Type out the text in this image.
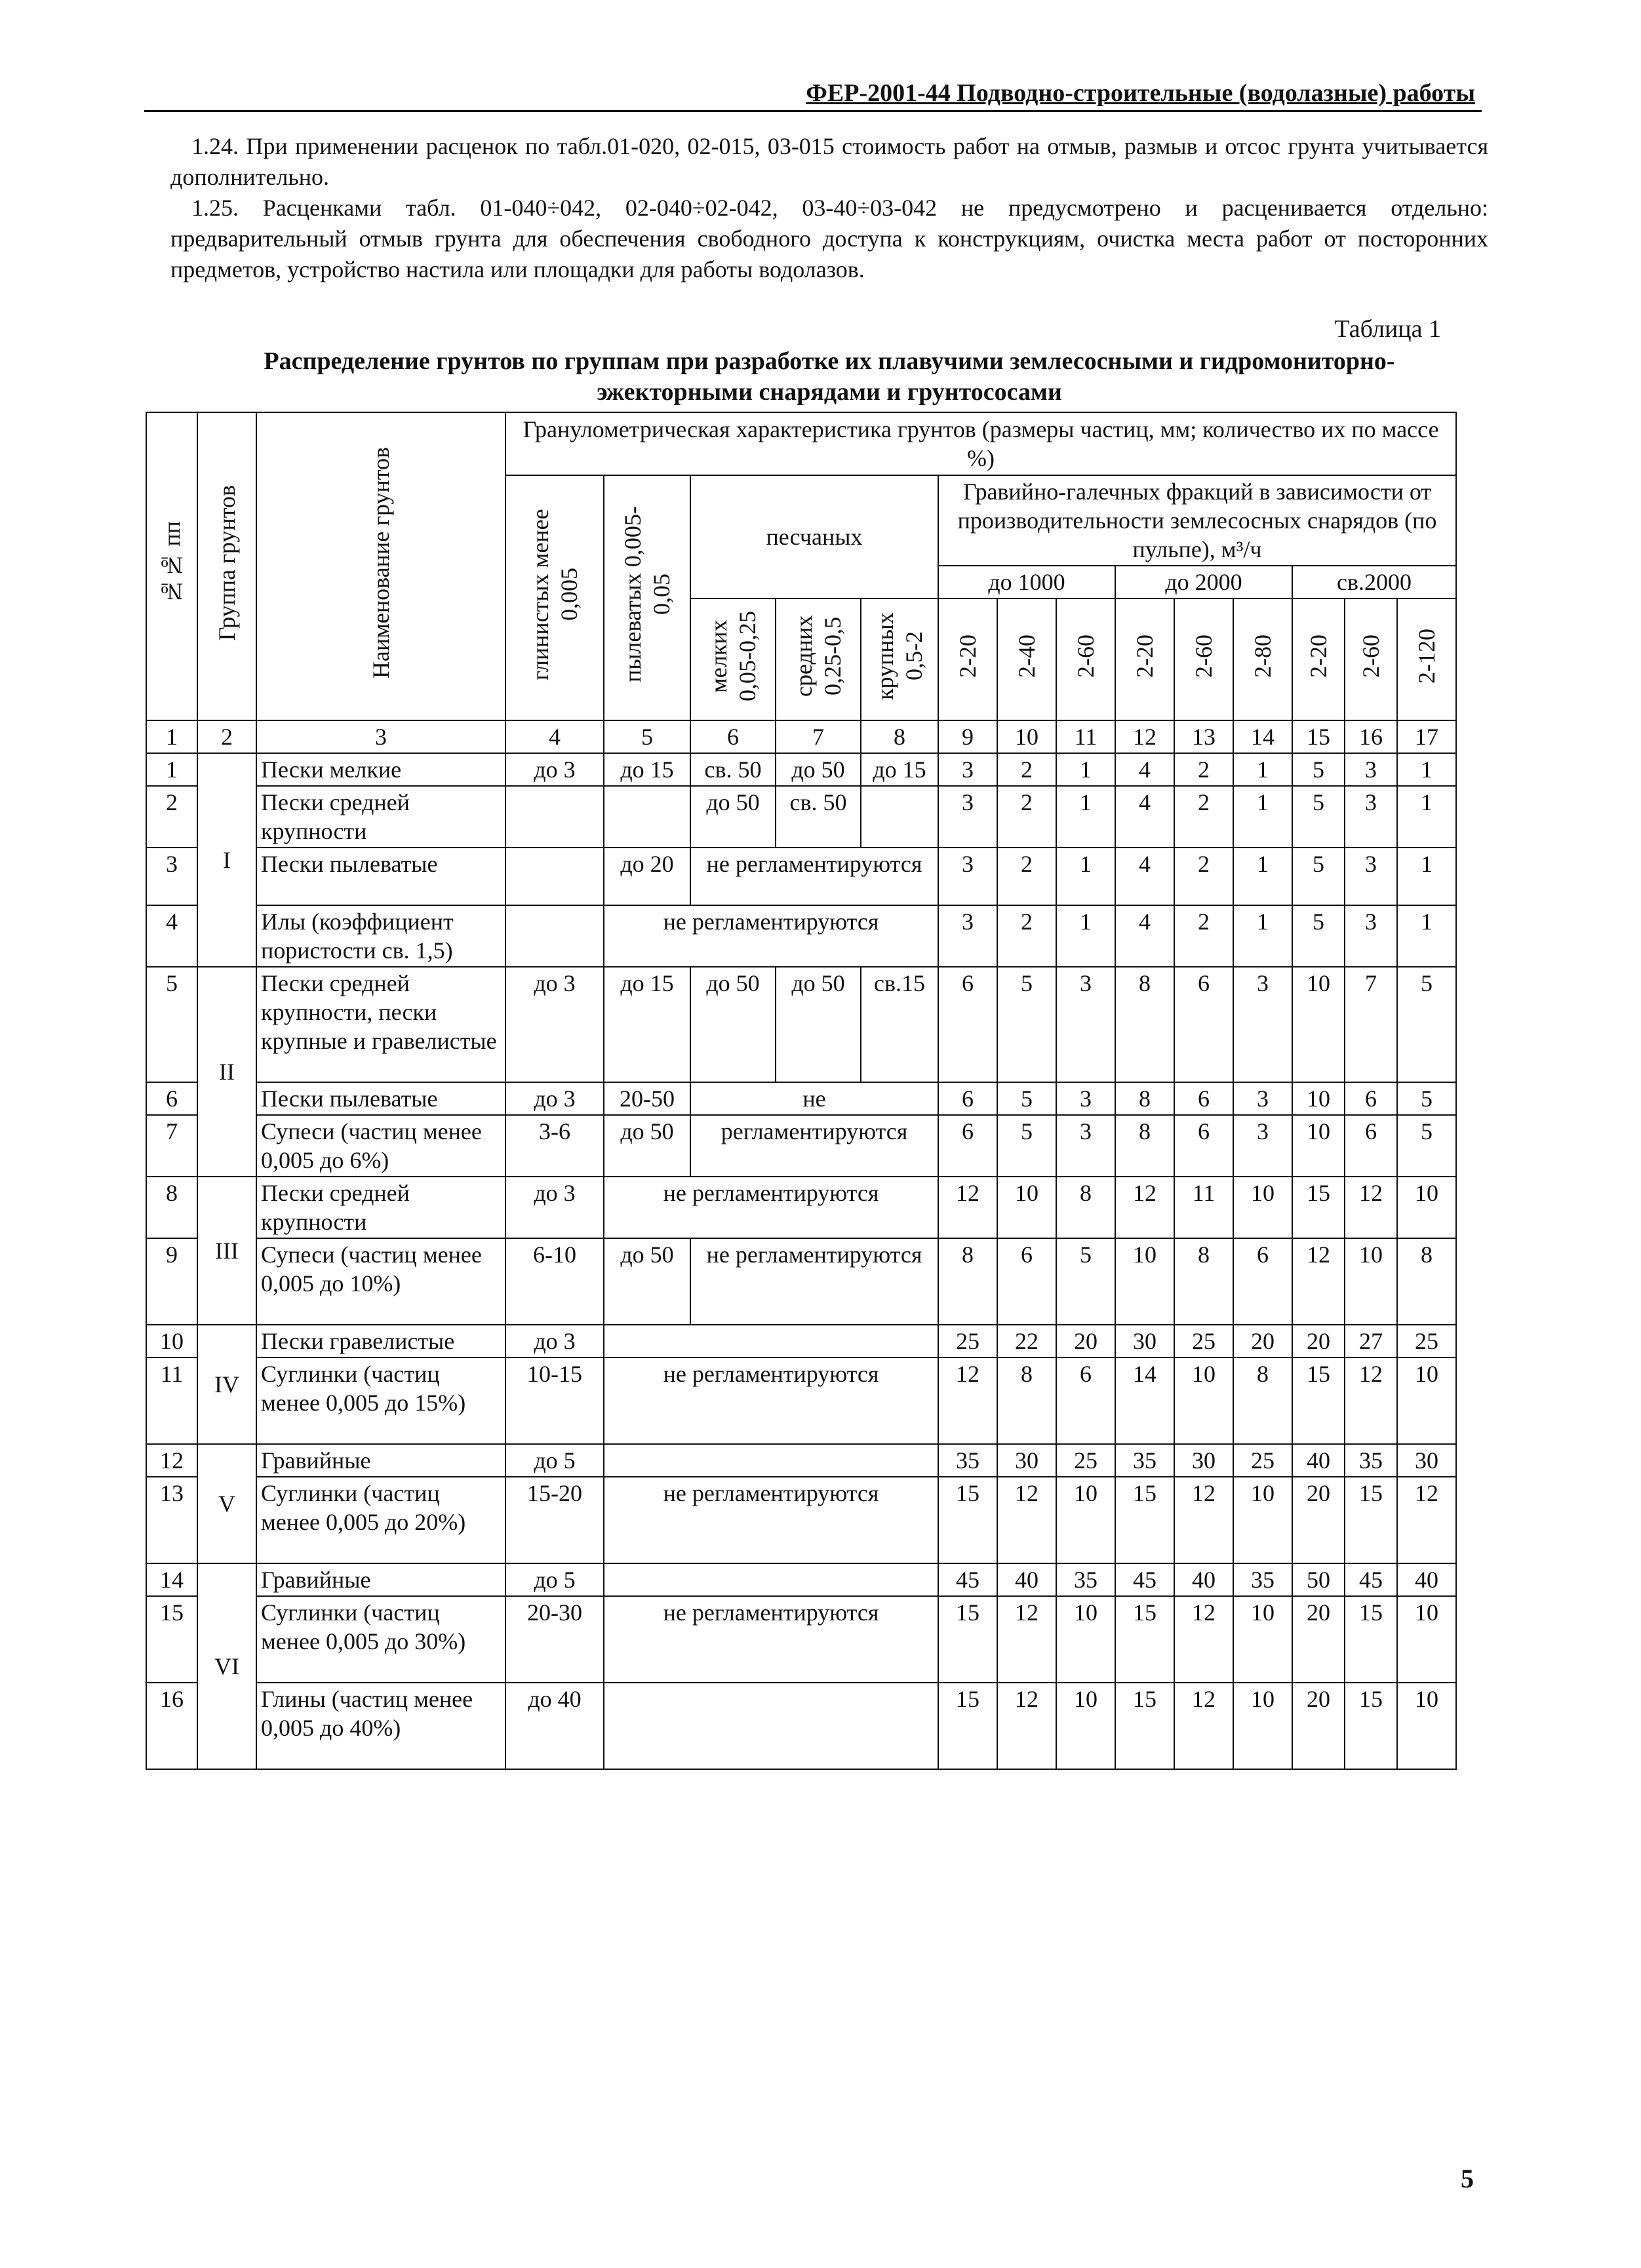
ФЕР-2001-44 Подводно-строительные (водолазные) работы
1.24. При применении расценок по табл.01-020, 02-015, 03-015 стоимость работ на отмыв, размыв и отсос грунта учитывается дополнительно.
1.25. Расценками табл. 01-040÷042, 02-040÷02-042, 03-40÷03-042 не предусмотрено и расценивается отдельно: предварительный отмыв грунта для обеспечения свободного доступа к конструкциям, очистка места работ от посторонних предметов, устройство настила или площадки для работы водолазов.
Таблица 1
Распределение грунтов по группам при разработке их плавучими землесосными и гидромониторно-эжекторными снарядами и грунтососами
№№ пп	Группа грунтов	Наименование грунтов	Гранулометрическая характеристика грунтов (размеры частиц, мм; количество их по массе %)													
			глинистых менее 0,005	пылеватых 0,005-0,05	песчаных			Гравийно-галечных фракций в зависимости от производительности землесосных снарядов (по пульпе), м³/ч								
								до 1000			до 2000			св.2000		
					мелких 0,05-0,25	средних 0,25-0,5	крупных 0,5-2	2-20	2-40	2-60	2-20	2-60	2-80	2-20	2-60	2-120
1	2	3	4	5	6	7	8	9	10	11	12	13	14	15	16	17
1	I	Пески мелкие	до 3	до 15	св. 50	до 50	до 15	3	2	1	4	2	1	5	3	1
2		Пески средней крупности			до 50	св. 50		3	2	1	4	2	1	5	3	1
3		Пески пылеватые		до 20	не регламентируются			3	2	1	4	2	1	5	3	1
4		Илы (коэффициент пористости св. 1,5)		не регламентируются				3	2	1	4	2	1	5	3	1
5	II	Пески средней крупности, пески крупные и гравелистые	до 3	до 15	до 50	до 50	св.15	6	5	3	8	6	3	10	7	5
6		Пески пылеватые	до 3	20-50	не			6	5	3	8	6	3	10	6	5
7		Супеси (частиц менее 0,005 до 6%)	3-6	до 50	регламентируются			6	5	3	8	6	3	10	6	5
8	III	Пески средней крупности	до 3	не регламентируются				12	10	8	12	11	10	15	12	10
9		Супеси (частиц менее 0,005 до 10%)	6-10	до 50	не регламентируются			8	6	5	10	8	6	12	10	8
10	IV	Пески гравелистые	до 3					25	22	20	30	25	20	20	27	25
11		Суглинки (частиц менее 0,005 до 15%)	10-15	не регламентируются				12	8	6	14	10	8	15	12	10
12	V	Гравийные	до 5					35	30	25	35	30	25	40	35	30
13		Суглинки (частиц менее 0,005 до 20%)	15-20	не регламентируются				15	12	10	15	12	10	20	15	12
14	VI	Гравийные	до 5					45	40	35	45	40	35	50	45	40
15		Суглинки (частиц менее 0,005 до 30%)	20-30	не регламентируются				15	12	10	15	12	10	20	15	10
16		Глины (частиц менее 0,005 до 40%)	до 40					15	12	10	15	12	10	20	15	10
5
